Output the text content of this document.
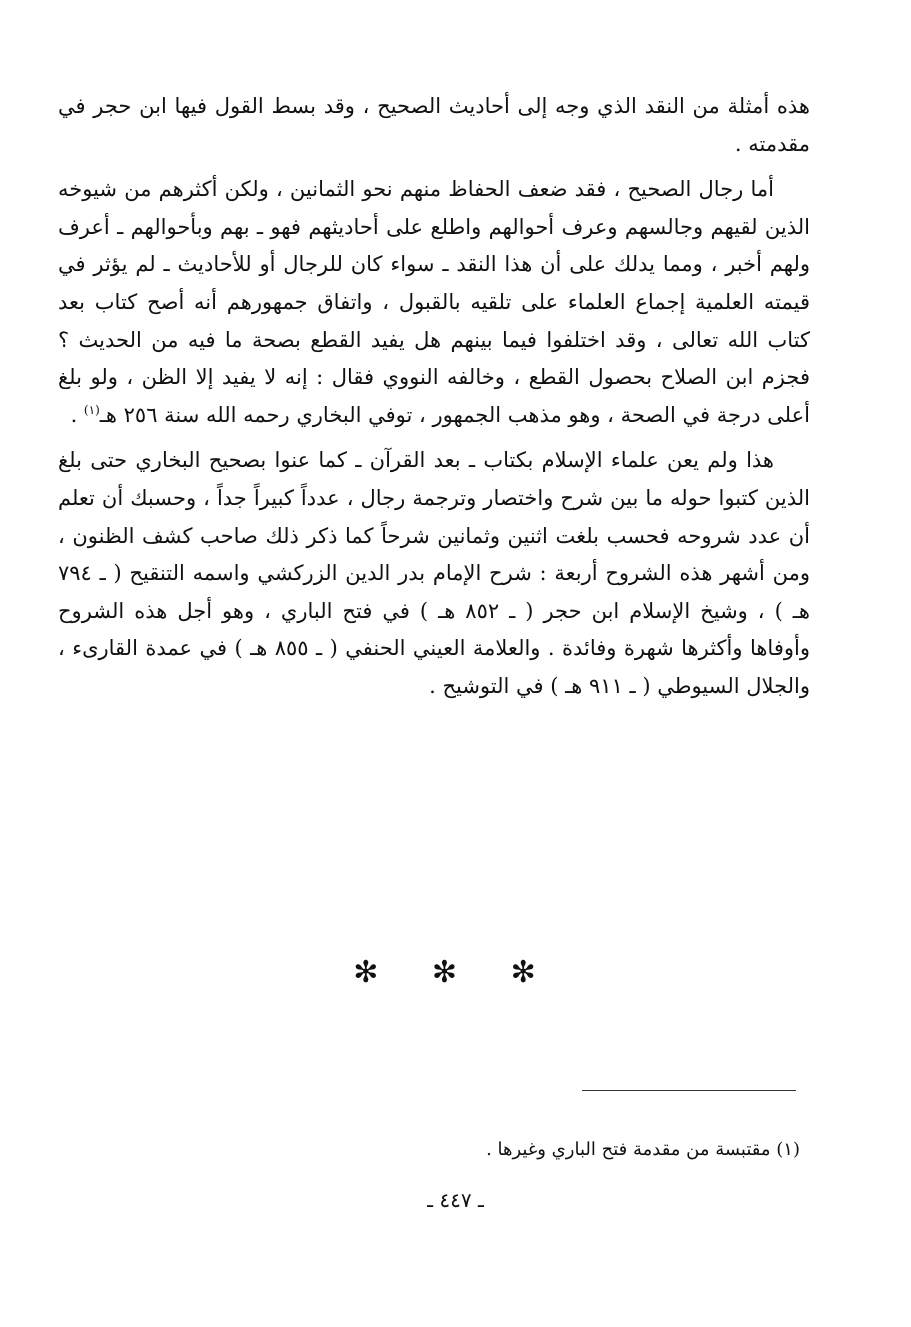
هذه أمثلة من النقد الذي وجه إلى أحاديث الصحيح ، وقد بسط القول فيها ابن حجر في مقدمته .

أما رجال الصحيح ، فقد ضعف الحفاظ منهم نحو الثمانين ، ولكن أكثرهم من شيوخه الذين لقيهم وجالسهم وعرف أحوالهم واطلع على أحاديثهم فهو ـ بهم وبأحوالهم ـ أعرف ولهم أخبر ، ومما يدلك على أن هذا النقد ـ سواء كان للرجال أو للأحاديث ـ لم يؤثر في قيمته العلمية إجماع العلماء على تلقيه بالقبول ، واتفاق جمهورهم أنه أصح كتاب بعد كتاب الله تعالى ، وقد اختلفوا فيما بينهم هل يفيد القطع بصحة ما فيه من الحديث ؟ فجزم ابن الصلاح بحصول القطع ، وخالفه النووي فقال : إنه لا يفيد إلا الظن ، ولو بلغ أعلى درجة في الصحة ، وهو مذهب الجمهور ، توفي البخاري رحمه الله سنة ٢٥٦ هـ$^{(١)}$ .

هذا ولم يعن علماء الإسلام بكتاب ـ بعد القرآن ـ كما عنوا بصحيح البخاري حتى بلغ الذين كتبوا حوله ما بين شرح واختصار وترجمة رجال ، عدداً كبيراً جداً ، وحسبك أن تعلم أن عدد شروحه فحسب بلغت اثنين وثمانين شرحاً كما ذكر ذلك صاحب كشف الظنون ، ومن أشهر هذه الشروح أربعة : شرح الإمام بدر الدين الزركشي واسمه التنقيح ( ـ ٧٩٤ هـ ) ، وشيخ الإسلام ابن حجر ( ـ ٨٥٢ هـ ) في فتح الباري ، وهو أجل هذه الشروح وأوفاها وأكثرها شهرة وفائدة . والعلامة العيني الحنفي ( ـ ٨٥٥ هـ ) في عمدة القارىء ، والجلال السيوطي ( ـ ٩١١ هـ ) في التوشيح .

✻ ✻ ✻
(١) مقتبسة من مقدمة فتح الباري وغيرها .
ـ ٤٤٧ ـ
